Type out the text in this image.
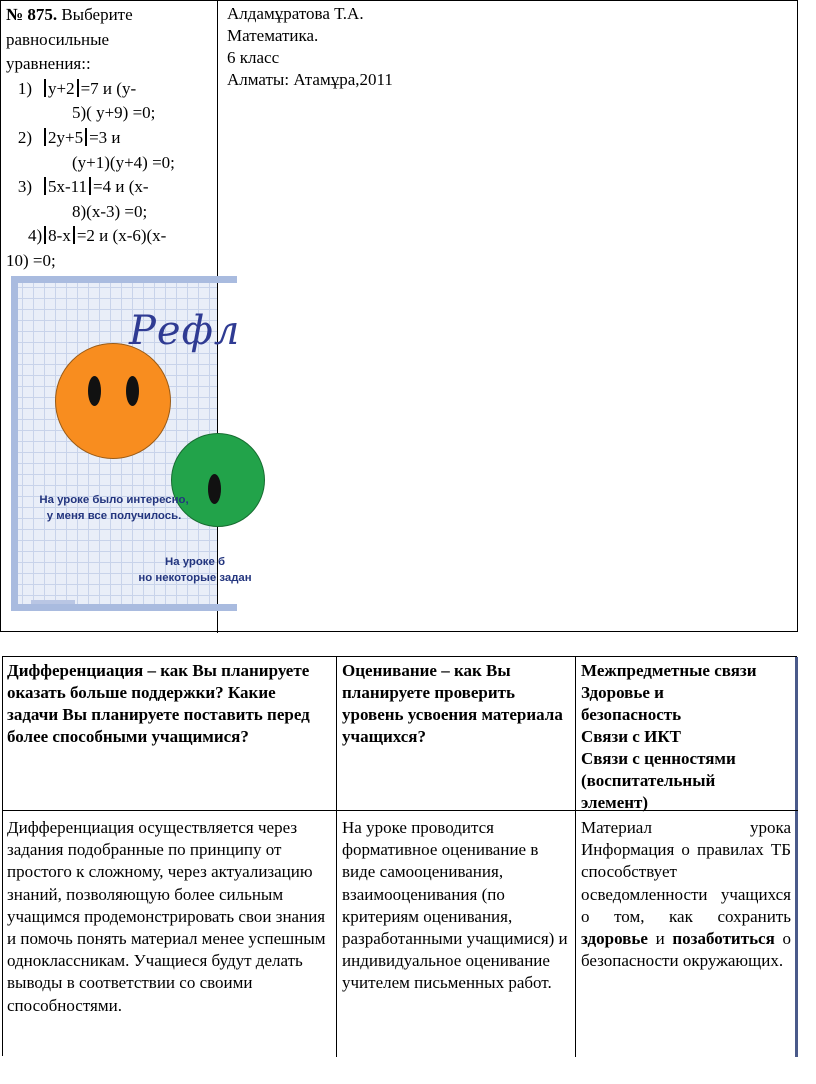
№ 875. Выберите
равносильные
уравнения::
1) у+2 =7 и (у-
5)( у+9) =0;
2) 2у+5 =3 и
(у+1)(у+4) =0;
3) 5х-11 =4 и (х-
8)(х-3) =0;
4) 8-х =2 и (х-6)(х-
10) =0;
Алдамұратова Т.А.
Математика.
6 класс
Алматы: Атамұра,2011
Рефл
На уроке было интересно,
у меня все получилось.
На уроке б
но некоторые задан
Дифференциация – как Вы планируете оказать больше поддержки? Какие задачи Вы планируете поставить перед более способными учащимися?
Оценивание – как Вы планируете проверить уровень усвоения материала учащихся?
Межпредметные связи
Здоровье и
безопасность
Связи с ИКТ
Связи с ценностями
(воспитательный
элемент)
Дифференциация осуществляется через задания подобранные по принципу от простого к сложному, через актуализацию знаний, позволяющую более сильным учащимся продемонстрировать свои знания и помочь понять материал менее успешным одноклассникам. Учащиеся будут делать выводы в соответствии со своими способностями.
На уроке проводится формативное оценивание в виде самооценивания, взаимооценивания (по критериям оценивания, разработанными учащимися) и индивидуальное оценивание учителем письменных работ.
Материал урока Информация о правилах ТБ способствует осведомленности учащихся о том, как сохранить здоровье и позаботиться о безопасности окружающих.
